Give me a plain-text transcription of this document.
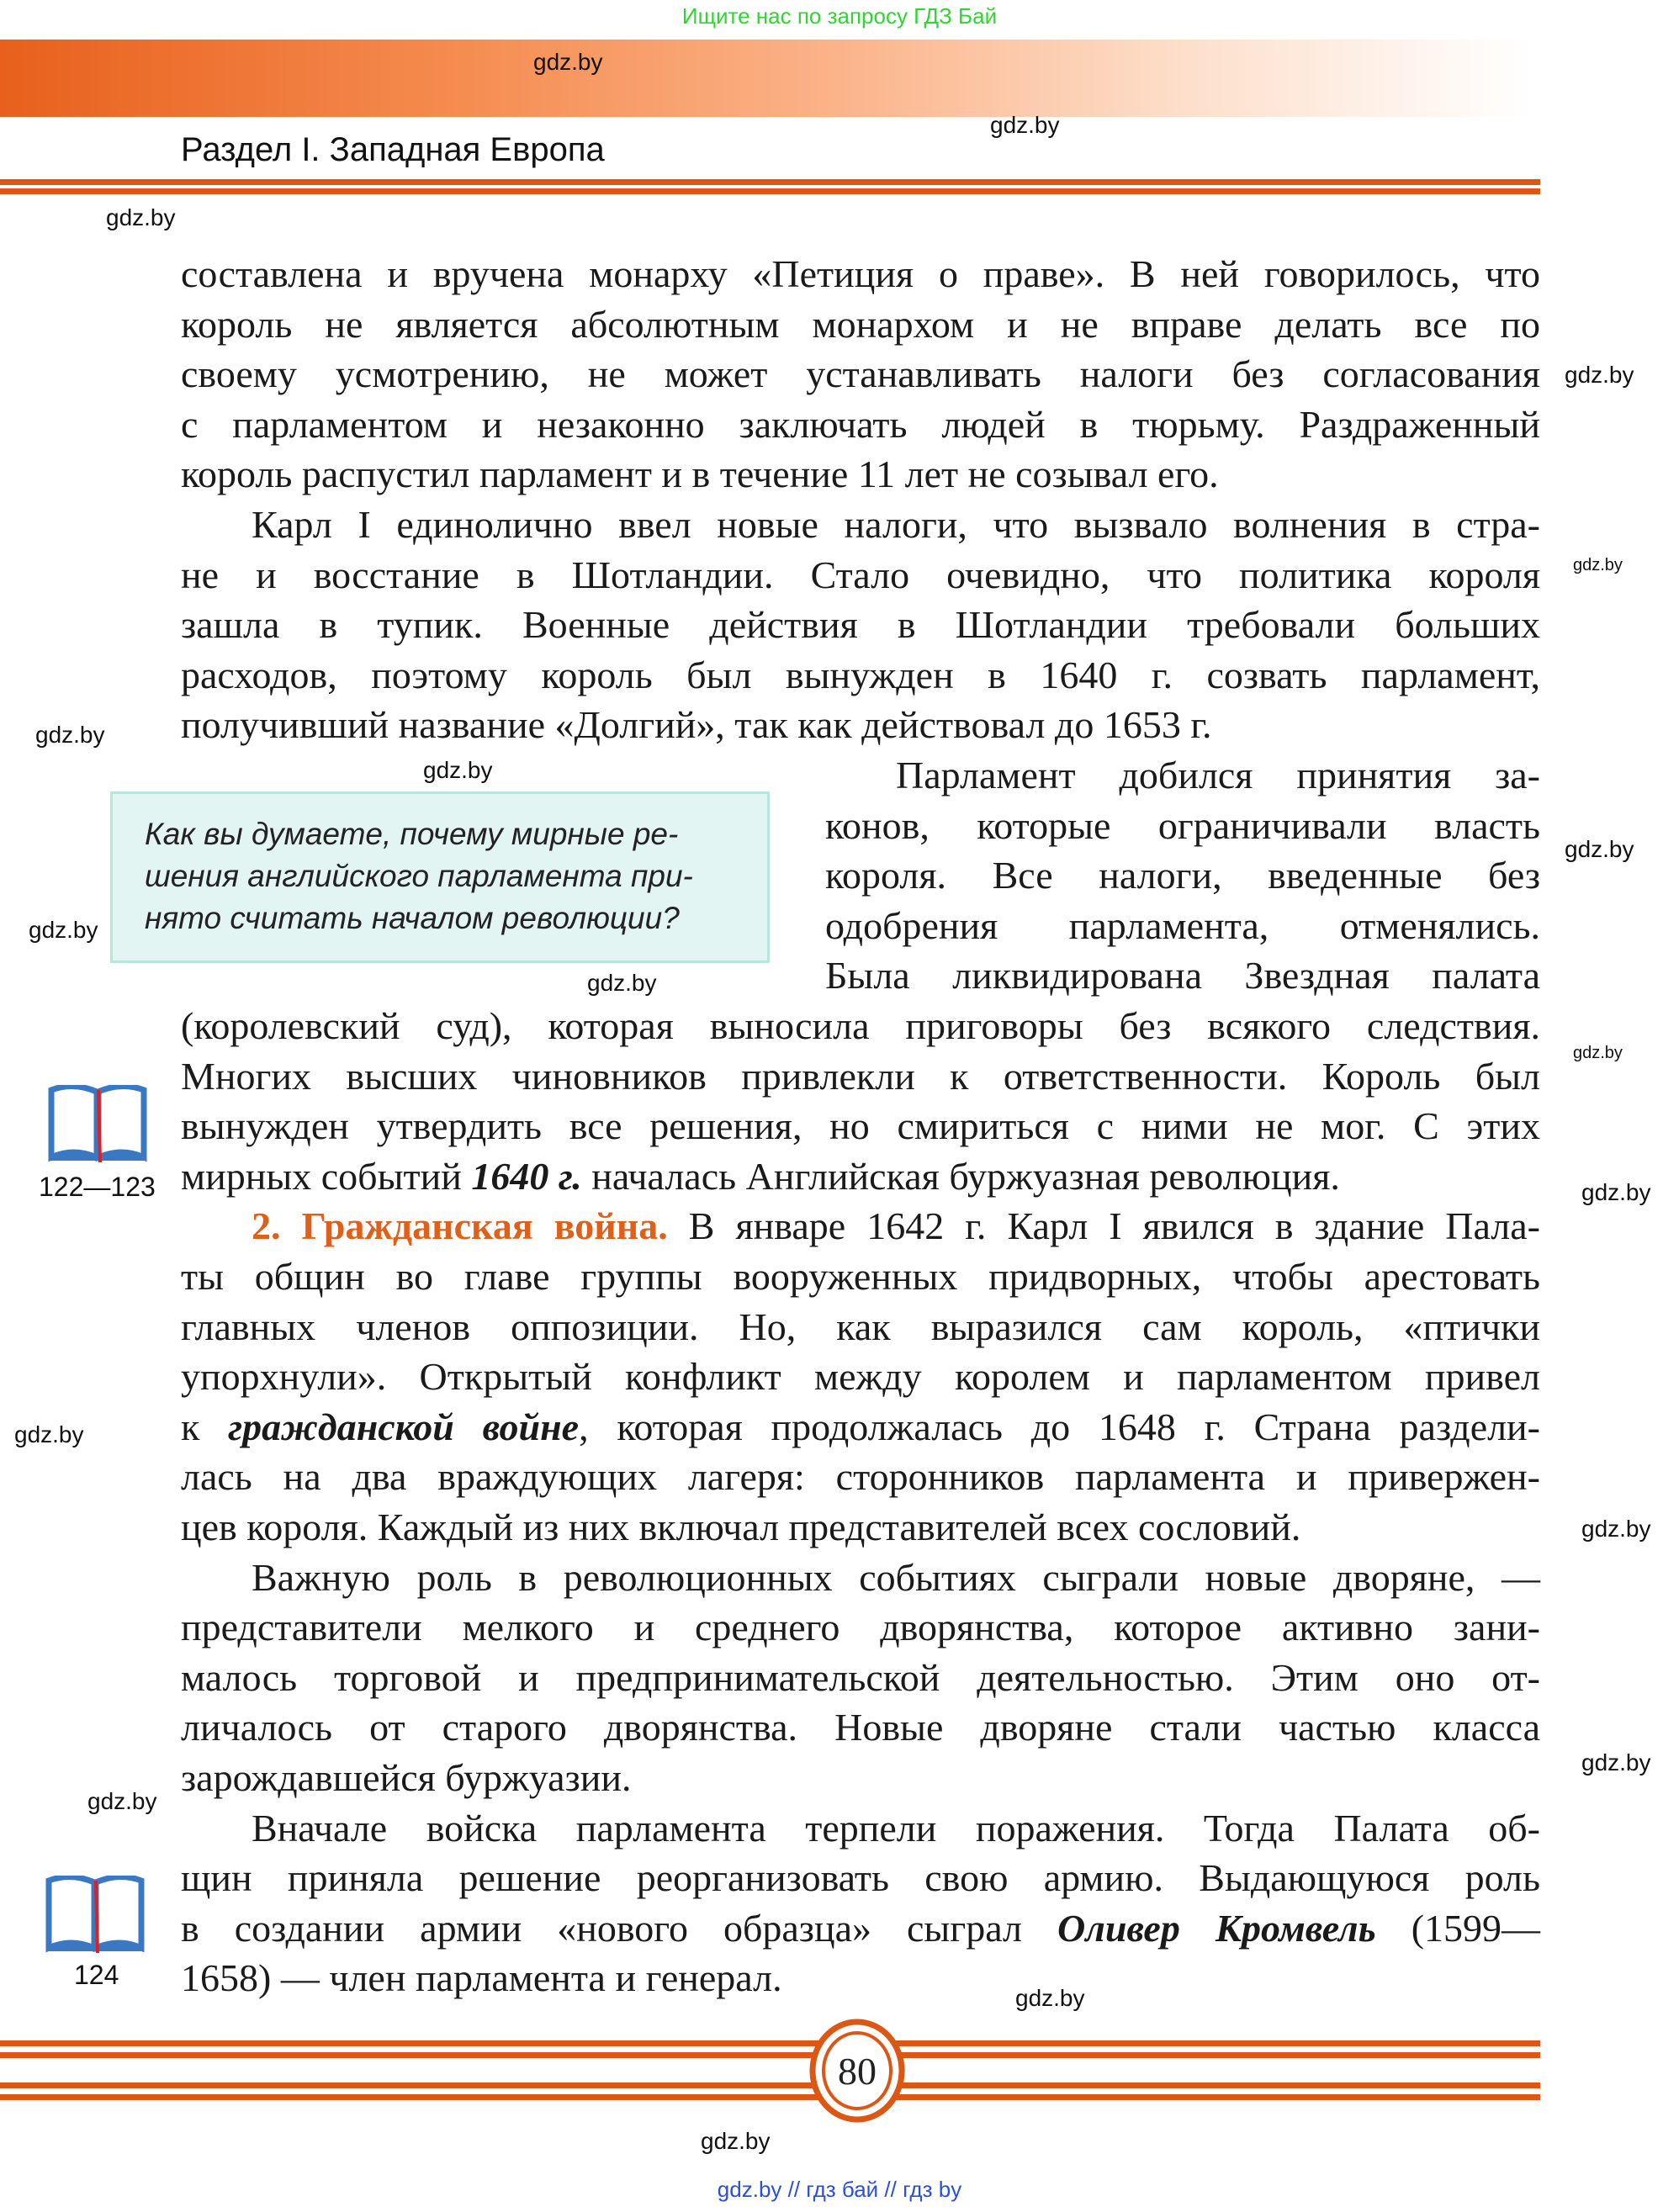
Ищите нас по запросу ГДЗ Бай
Раздел I. Западная Европа
составлена и вручена монарху «Петиция о праве». В ней говорилось, что
король не является абсолютным монархом и не вправе делать все по
своему усмотрению, не может устанавливать налоги без согласования
с парламентом и незаконно заключать людей в тюрьму. Раздраженный
король распустил парламент и в течение 11 лет не созывал его.
Карл I единолично ввел новые налоги, что вызвало волнения в стра-
не и восстание в Шотландии. Стало очевидно, что политика короля
зашла в тупик. Военные действия в Шотландии требовали больших
расходов, поэтому король был вынужден в 1640 г. созвать парламент,
получивший название «Долгий», так как действовал до 1653 г.
Парламент добился принятия за-
конов, которые ограничивали власть
короля. Все налоги, введенные без
одобрения парламента, отменялись.
Была ликвидирована Звездная палата
(королевский суд), которая выносила приговоры без всякого следствия.
Многих высших чиновников привлекли к ответственности. Король был
вынужден утвердить все решения, но смириться с ними не мог. С этих
мирных событий 1640 г. началась Английская буржуазная революция.
2. Гражданская война. В январе 1642 г. Карл I явился в здание Пала-
ты общин во главе группы вооруженных придворных, чтобы арестовать
главных членов оппозиции. Но, как выразился сам король, «птички
упорхнули». Открытый конфликт между королем и парламентом привел
к гражданской войне, которая продолжалась до 1648 г. Страна раздели-
лась на два враждующих лагеря: сторонников парламента и привержен-
цев короля. Каждый из них включал представителей всех сословий.
Важную роль в революционных событиях сыграли новые дворяне, —
представители мелкого и среднего дворянства, которое активно зани-
малось торговой и предпринимательской деятельностью. Этим оно от-
личалось от старого дворянства. Новые дворяне стали частью класса
зарождавшейся буржуазии.
Вначале войска парламента терпели поражения. Тогда Палата об-
щин приняла решение реорганизовать свою армию. Выдающуюся роль
в создании армии «нового образца» сыграл Оливер Кромвель (1599—
1658) — член парламента и генерал.
Как вы думаете, почему мирные ре-
шения английского парламента при-
нято считать началом революции?
122—123
124
80
gdz.by // гдз бай // гдз by
gdz.by
gdz.by
gdz.by
gdz.by
gdz.by
gdz.by
gdz.by
gdz.by
gdz.by
gdz.by
gdz.by
gdz.by
gdz.by
gdz.by
gdz.by
gdz.by
gdz.by
gdz.by
